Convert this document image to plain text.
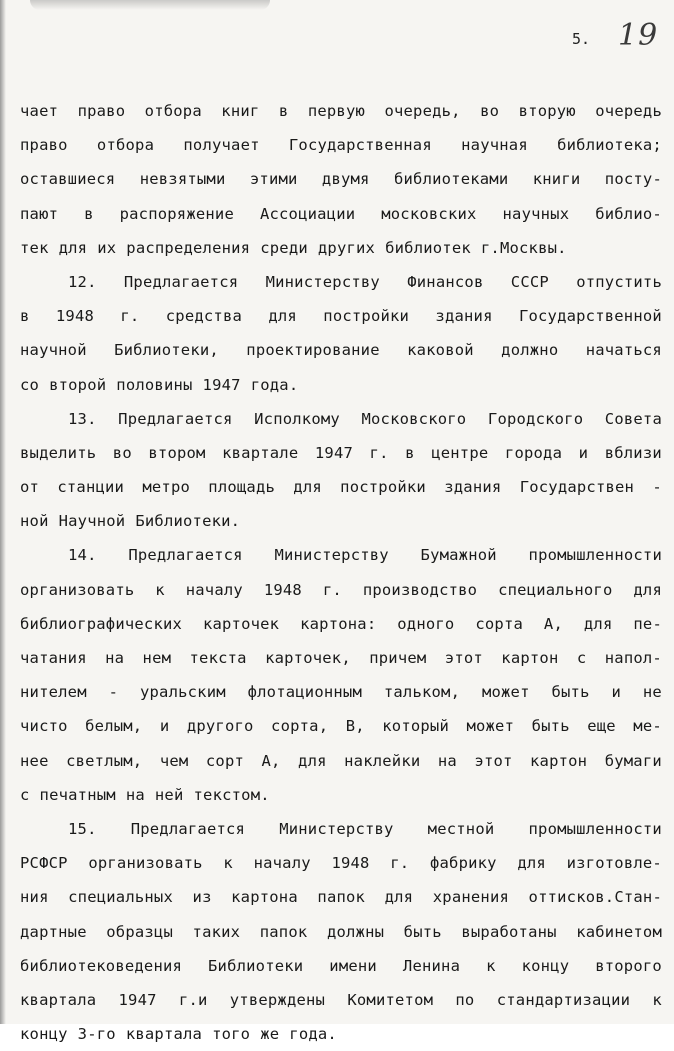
5. 19
чает право отбора книг в первую очередь, во вторую очередь
право отбора получает Государственная научная библиотека;
оставшиеся невзятыми этими двумя библиотеками книги посту-
пают в распоряжение Ассоциации московских научных библио-
тек для их распределения среди других библиотек г.Москвы.
12. Предлагается Министерству Финансов СССР отпустить
в 1948 г. средства для постройки здания Государственной
научной Библиотеки, проектирование каковой должно начаться
со второй половины 1947 года.
13. Предлагается Исполкому Московского Городского Совета
выделить во втором квартале 1947 г. в центре города и вблизи
от станции метро площадь для постройки здания Государствен -
ной Научной Библиотеки.
14. Предлагается Министерству Бумажной промышленности
организовать к началу 1948 г. производство специального для
библиографических карточек картона: одного сорта А, для пе-
чатания на нем текста карточек, причем этот картон с напол-
нителем - уральским флотационным тальком, может быть и не
чисто белым, и другого сорта, В, который может быть еще ме-
нее светлым, чем сорт А, для наклейки на этот картон бумаги
с печатным на ней текстом.
15. Предлагается Министерству местной промышленности
РСФСР организовать к началу 1948 г. фабрику для изготовле-
ния специальных из картона папок для хранения оттисков.Стан-
дартные образцы таких папок должны быть выработаны кабинетом
библиотековедения Библиотеки имени Ленина к концу второго
квартала 1947 г.и утверждены Комитетом по стандартизации к
концу 3-го квартала того же года.
